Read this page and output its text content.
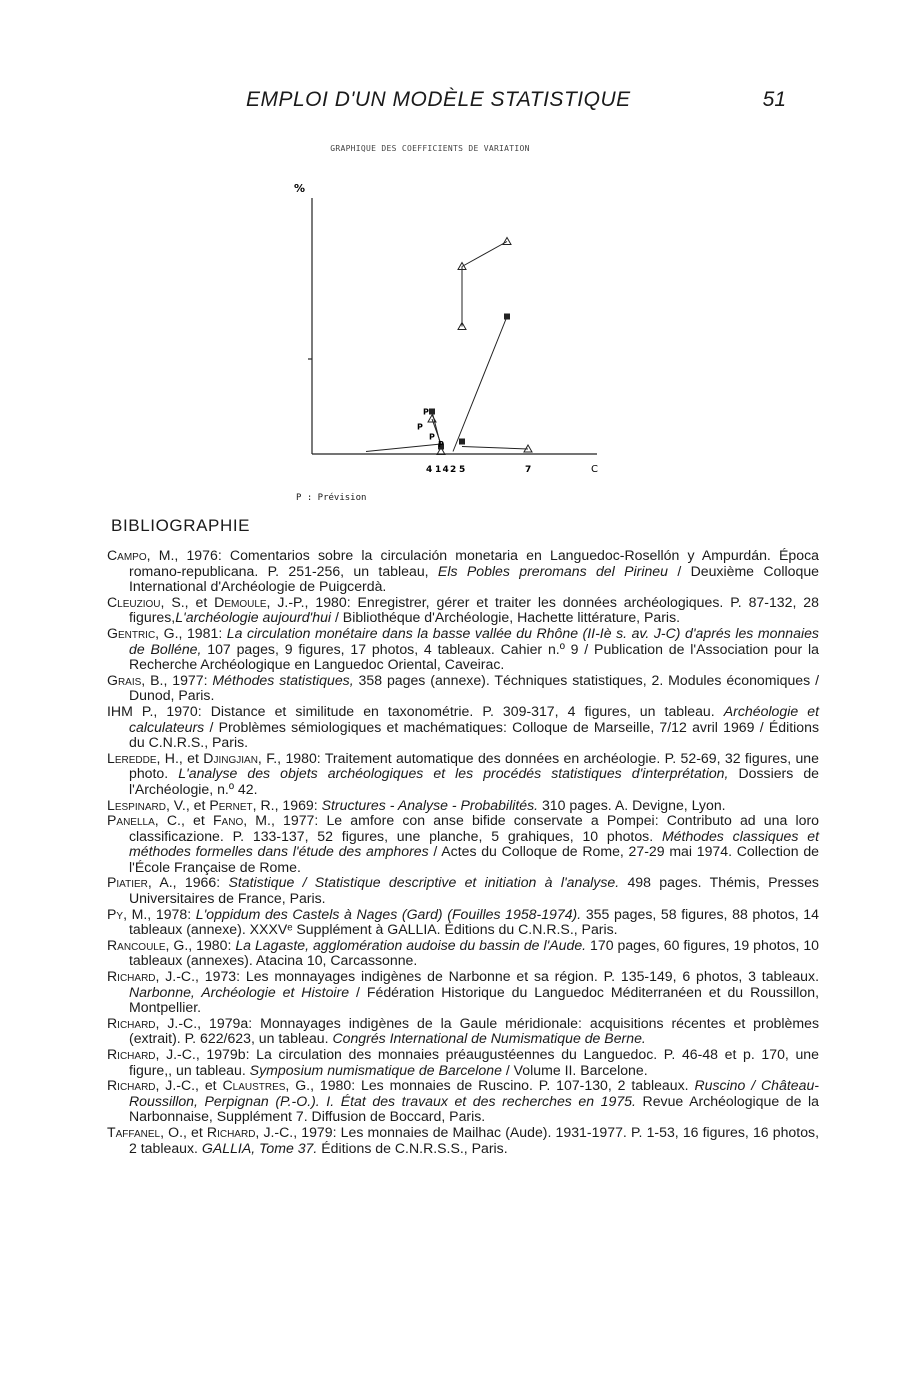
EMPLOI D'UN MODÈLE STATISTIQUE	51
GRAPHIQUE DES COEFFICIENTS DE VARIATION
%
C
P
P
P
P
4 1 4 2 5	7
P : Prévision
BIBLIOGRAPHIE

Campo, M., 1976: Comentarios sobre la circulación monetaria en Languedoc-Rosellón y Ampurdán. Época romano-republicana. P. 251-256, un tableau, Els Pobles preromans del Pirineu / Deuxième Colloque International d'Archéologie de Puigcerdà.

Cleuziou, S., et Demoule, J.-P., 1980: Enregistrer, gérer et traiter les données archéologiques. P. 87-132, 28 figures,L'archéologie aujourd'hui / Bibliothéque d'Archéologie, Hachette littérature, Paris.

Gentric, G., 1981: La circulation monétaire dans la basse vallée du Rhône (II-Iè s. av. J-C) d'aprés les monnaies de Bolléne, 107 pages, 9 figures, 17 photos, 4 tableaux. Cahier n.º 9 / Publication de l'Association pour la Recherche Archéologique en Languedoc Oriental, Caveirac.

Grais, B., 1977: Méthodes statistiques, 358 pages (annexe). Téchniques statistiques, 2. Modules économiques / Dunod, Paris.

IHM P., 1970: Distance et similitude en taxonométrie. P. 309-317, 4 figures, un tableau. Archéologie et calculateurs / Problèmes sémiologiques et machématiques: Colloque de Marseille, 7/12 avril 1969 / Éditions du C.N.R.S., Paris.

Leredde, H., et Djingjian, F., 1980: Traitement automatique des données en archéologie. P. 52-69, 32 figures, une photo. L'analyse des objets archéologiques et les procédés statistiques d'interprétation, Dossiers de l'Archéologie, n.º 42.

Lespinard, V., et Pernet, R., 1969: Structures - Analyse - Probabilités. 310 pages. A. Devigne, Lyon.

Panella, C., et Fano, M., 1977: Le amfore con anse bifide conservate a Pompei: Contributo ad una loro classificazione. P. 133-137, 52 figures, une planche, 5 grahiques, 10 photos. Méthodes classiques et méthodes formelles dans l'étude des amphores / Actes du Colloque de Rome, 27-29 mai 1974. Collection de l'École Française de Rome.

Piatier, A., 1966: Statistique / Statistique descriptive et initiation à l'analyse. 498 pages. Thémis, Presses Universitaires de France, Paris.

Py, M., 1978: L'oppidum des Castels à Nages (Gard) (Fouilles 1958-1974). 355 pages, 58 figures, 88 photos, 14 tableaux (annexe). XXXVᵉ Supplément à GALLIA. Éditions du C.N.R.S., Paris.

Rancoule, G., 1980: La Lagaste, agglomération audoise du bassin de l'Aude. 170 pages, 60 figures, 19 photos, 10 tableaux (annexes). Atacina 10, Carcassonne.

Richard, J.-C., 1973: Les monnayages indigènes de Narbonne et sa région. P. 135-149, 6 photos, 3 tableaux. Narbonne, Archéologie et Histoire / Fédération Historique du Languedoc Méditerranéen et du Roussillon, Montpellier.

Richard, J.-C., 1979a: Monnayages indigènes de la Gaule méridionale: acquisitions récentes et problèmes (extrait). P. 622/623, un tableau. Congrés International de Numismatique de Berne.

Richard, J.-C., 1979b: La circulation des monnaies préaugustéennes du Languedoc. P. 46-48 et p. 170, une figure,, un tableau. Symposium numismatique de Barcelone / Volume II. Barcelone.

Richard, J.-C., et Claustres, G., 1980: Les monnaies de Ruscino. P. 107-130, 2 tableaux. Ruscino / Château-Roussillon, Perpignan (P.-O.). I. État des travaux et des recherches en 1975. Revue Archéologique de la Narbonnaise, Supplément 7. Diffusion de Boccard, Paris.

Taffanel, O., et Richard, J.-C., 1979: Les monnaies de Mailhac (Aude). 1931-1977. P. 1-53, 16 figures, 16 photos, 2 tableaux. GALLIA, Tome 37. Éditions de C.N.R.S.S., Paris.
